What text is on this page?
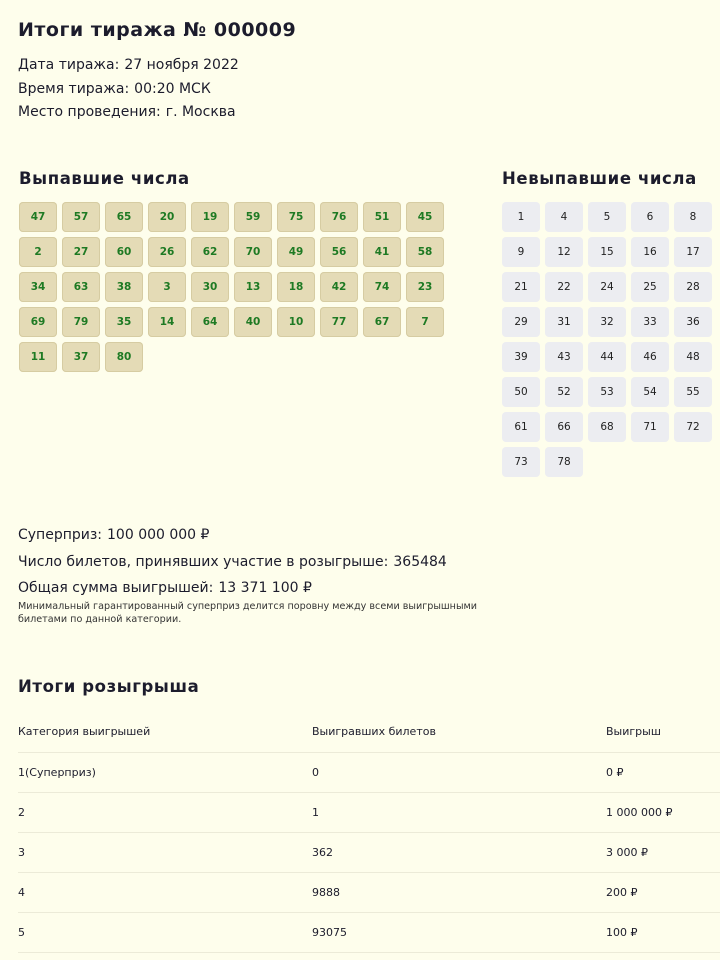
Итоги тиража № 000009
Дата тиража: 27 ноября 2022
Время тиража: 00:20 МСК
Место проведения: г. Москва
Выпавшие числа
47	57	65	20	19	59	75	76	51	45
2	27	60	26	62	70	49	56	41	58
34	63	38	3	30	13	18	42	74	23
69	79	35	14	64	40	10	77	67	7
11	37	80
Невыпавшие числа
1	4	5	6	8
9	12	15	16	17
21	22	24	25	28
29	31	32	33	36
39	43	44	46	48
50	52	53	54	55
61	66	68	71	72
73	78
Суперприз: 100 000 000 ₽
Число билетов, принявших участие в розыгрыше: 365484
Общая сумма выигрышей: 13 371 100 ₽
Минимальный гарантированный суперприз делится поровну между всеми выигрышными билетами по данной категории.
Итоги розыгрыша
Категория выигрышей	Выигравших билетов	Выигрыш
1(Суперприз)	0	0 ₽
2	1	1 000 000 ₽
3	362	3 000 ₽
4	9888	200 ₽
5	93075	100 ₽
